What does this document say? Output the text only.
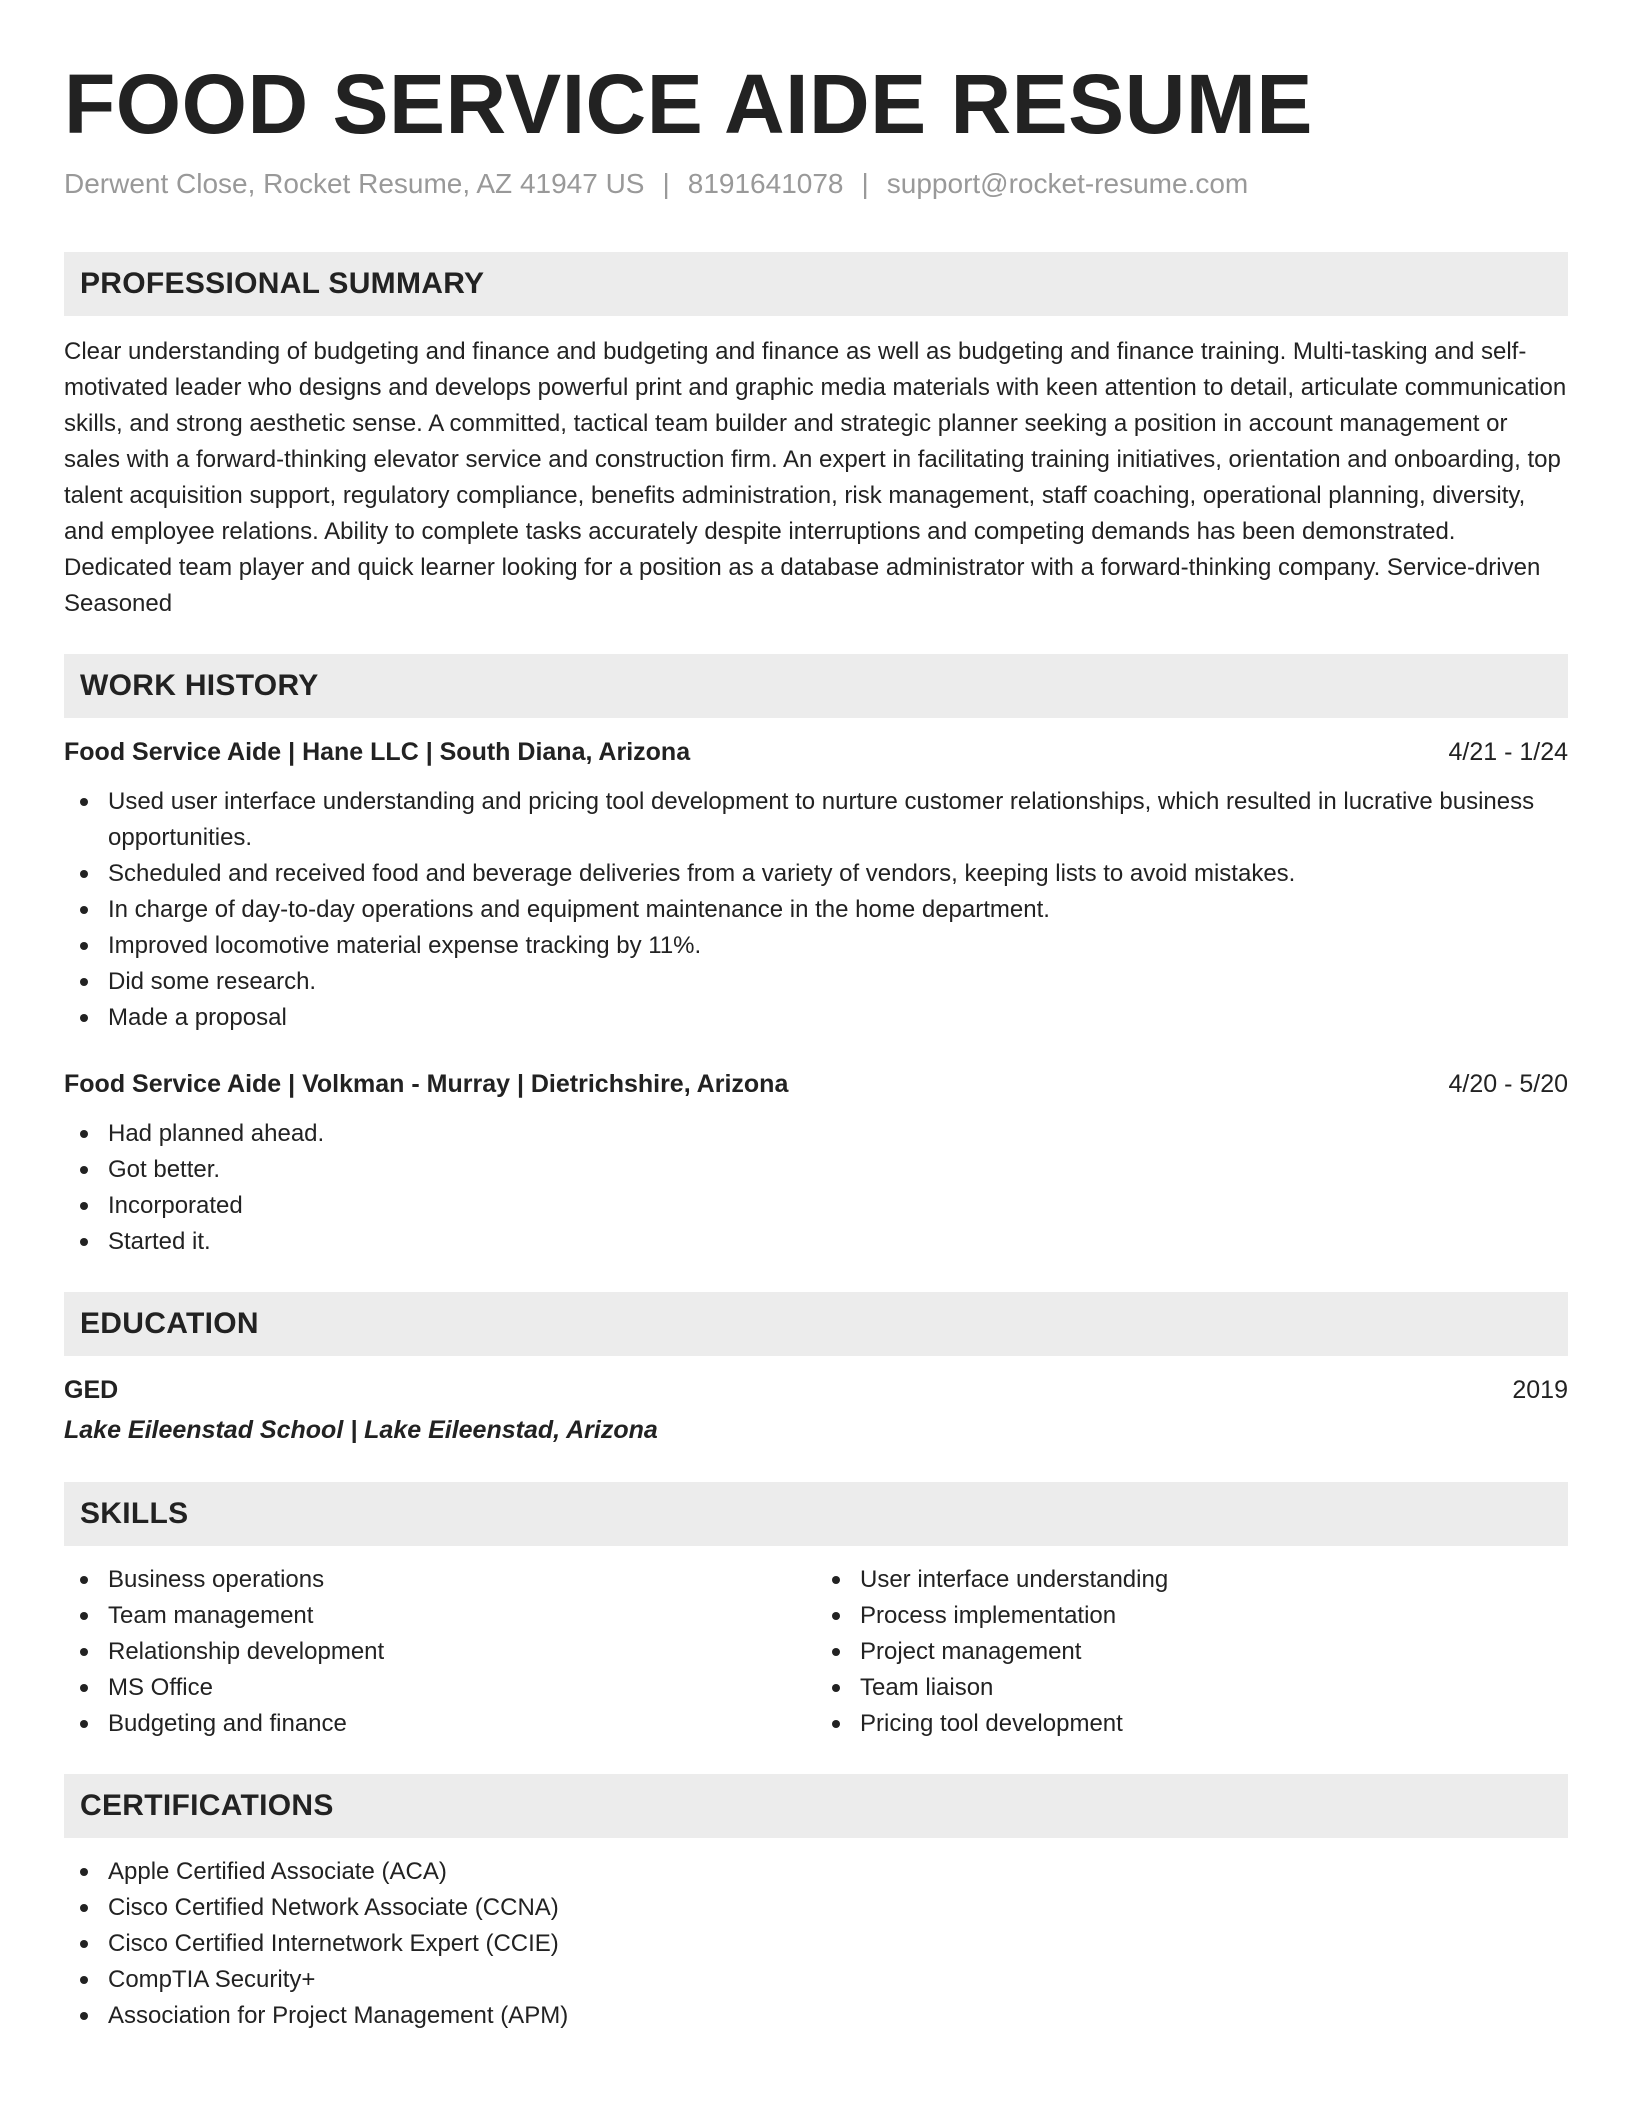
FOOD SERVICE AIDE RESUME
Derwent Close, Rocket Resume, AZ 41947 US | 8191641078 | support@rocket-resume.com
PROFESSIONAL SUMMARY
Clear understanding of budgeting and finance and budgeting and finance as well as budgeting and finance training. Multi-tasking and self-motivated leader who designs and develops powerful print and graphic media materials with keen attention to detail, articulate communication skills, and strong aesthetic sense. A committed, tactical team builder and strategic planner seeking a position in account management or sales with a forward-thinking elevator service and construction firm. An expert in facilitating training initiatives, orientation and onboarding, top talent acquisition support, regulatory compliance, benefits administration, risk management, staff coaching, operational planning, diversity, and employee relations. Ability to complete tasks accurately despite interruptions and competing demands has been demonstrated. Dedicated team player and quick learner looking for a position as a database administrator with a forward-thinking company. Service-driven Seasoned
WORK HISTORY
Food Service Aide | Hane LLC | South Diana, Arizona	4/21 - 1/24
Used user interface understanding and pricing tool development to nurture customer relationships, which resulted in lucrative business opportunities.
Scheduled and received food and beverage deliveries from a variety of vendors, keeping lists to avoid mistakes.
In charge of day-to-day operations and equipment maintenance in the home department.
Improved locomotive material expense tracking by 11%.
Did some research.
Made a proposal
Food Service Aide | Volkman - Murray | Dietrichshire, Arizona	4/20 - 5/20
Had planned ahead.
Got better.
Incorporated
Started it.
EDUCATION
GED	2019
Lake Eileenstad School | Lake Eileenstad, Arizona
SKILLS
Business operations
Team management
Relationship development
MS Office
Budgeting and finance
User interface understanding
Process implementation
Project management
Team liaison
Pricing tool development
CERTIFICATIONS
Apple Certified Associate (ACA)
Cisco Certified Network Associate (CCNA)
Cisco Certified Internetwork Expert (CCIE)
CompTIA Security+
Association for Project Management (APM)
